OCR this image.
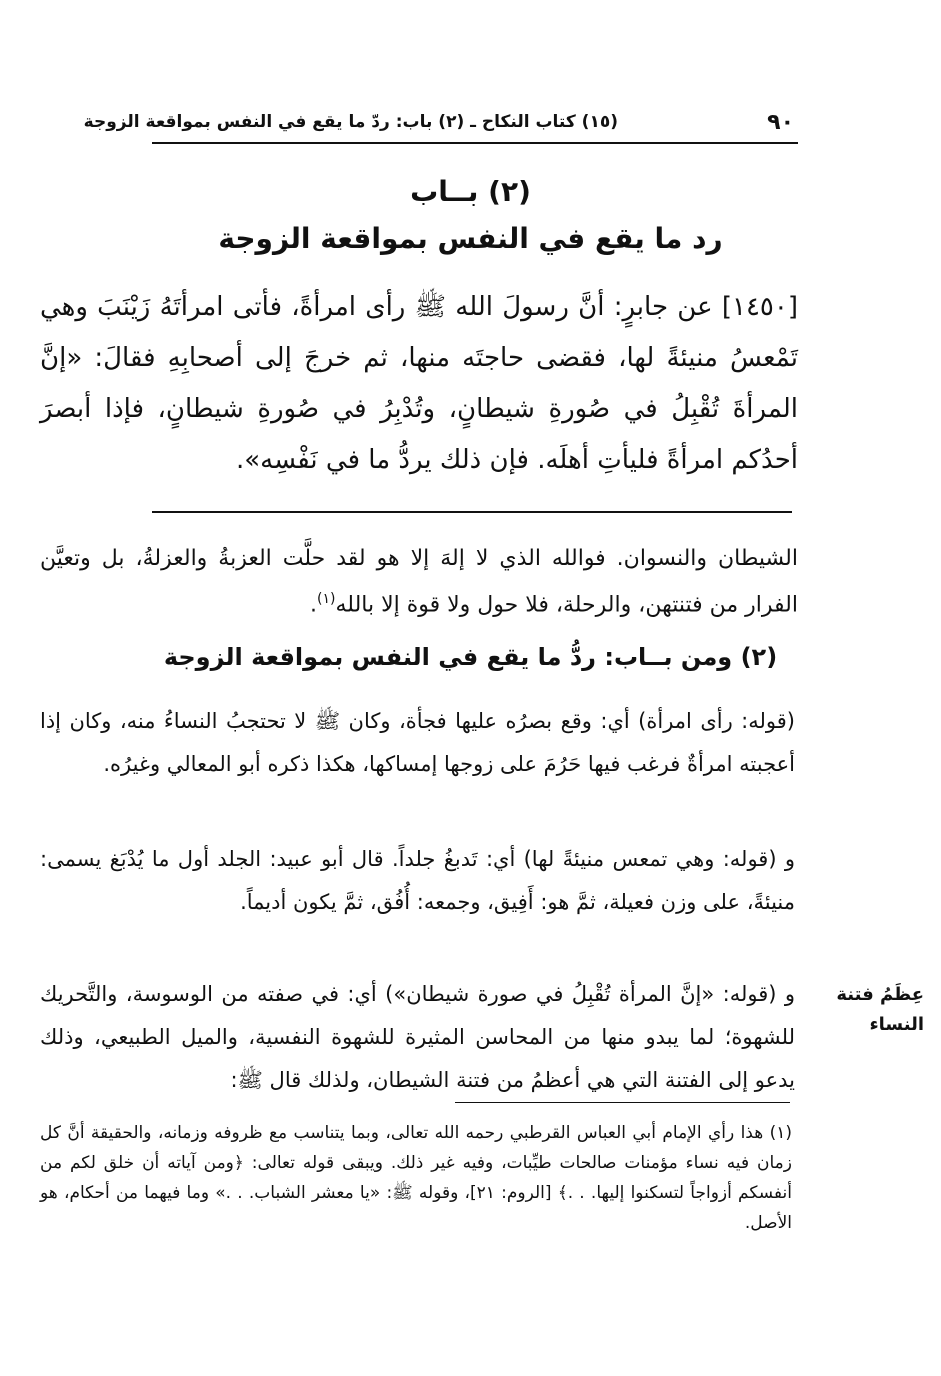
٩٠
(١٥) كتاب النكاح ـ (٢) باب: ردّ ما يقع في النفس بمواقعة الزوجة
(٢) بــاب
رد ما يقع في النفس بمواقعة الزوجة

[١٤٥٠] عن جابرٍ: أنَّ رسولَ الله ﷺ رأى امرأةً، فأتى امرأتَهُ زَيْنَبَ وهي تَمْعسُ منيئةً لها، فقضى حاجتَه منها، ثم خرجَ إلى أصحابِهِ فقالَ: «إنَّ المرأةَ تُقْبِلُ في صُورةِ شيطانٍ، وتُدْبِرُ في صُورةِ شيطانٍ، فإذا أبصرَ أحدُكم امرأةً فليأتِ أهلَه. فإن ذلك يردُّ ما في نَفْسِه».

الشيطان والنسوان. فوالله الذي لا إلهَ إلا هو لقد حلَّت العزبةُ والعزلةُ، بل وتعيَّن الفرار من فتنتهن، والرحلة، فلا حول ولا قوة إلا بالله$^{(١)}$.

(٢) ومن بــاب: ردُّ ما يقع في النفس بمواقعة الزوجة

(قوله: رأى امرأة) أي: وقع بصرُه عليها فجأة، وكان ﷺ لا تحتجبُ النساءُ منه، وكان إذا أعجبته امرأةٌ فرغب فيها حَرُمَ على زوجها إمساكها، هكذا ذكره أبو المعالي وغيرُه.

و (قوله: وهي تمعس منيئةً لها) أي: تَدبغُ جلداً. قال أبو عبيد: الجلد أول ما يُدْبَغ يسمى: منيئةً، على وزن فعيلة، ثمَّ هو: أَفِيق، وجمعه: أُفُق، ثمَّ يكون أديماً.

و (قوله: «إنَّ المرأة تُقْبِلُ في صورة شيطان») أي: في صفته من الوسوسة، والتَّحريك للشهوة؛ لما يبدو منها من المحاسن المثيرة للشهوة النفسية، والميل الطبيعي، وذلك يدعو إلى الفتنة التي هي أعظمُ من فتنة الشيطان، ولذلك قال ﷺ:

عِظَمُ فتنة النساء

(١) هذا رأي الإمام أبي العباس القرطبي رحمه الله تعالى، وبما يتناسب مع ظروفه وزمانه، والحقيقة أنَّ كل زمان فيه نساء مؤمنات صالحات طيِّبات، وفيه غير ذلك. ويبقى قوله تعالى: ﴿ومن آياته أن خلق لكم من أنفسكم أزواجاً لتسكنوا إليها. . .﴾ [الروم: ٢١]، وقوله ﷺ: «يا معشر الشباب. . .» وما فيهما من أحكام، هو الأصل.
